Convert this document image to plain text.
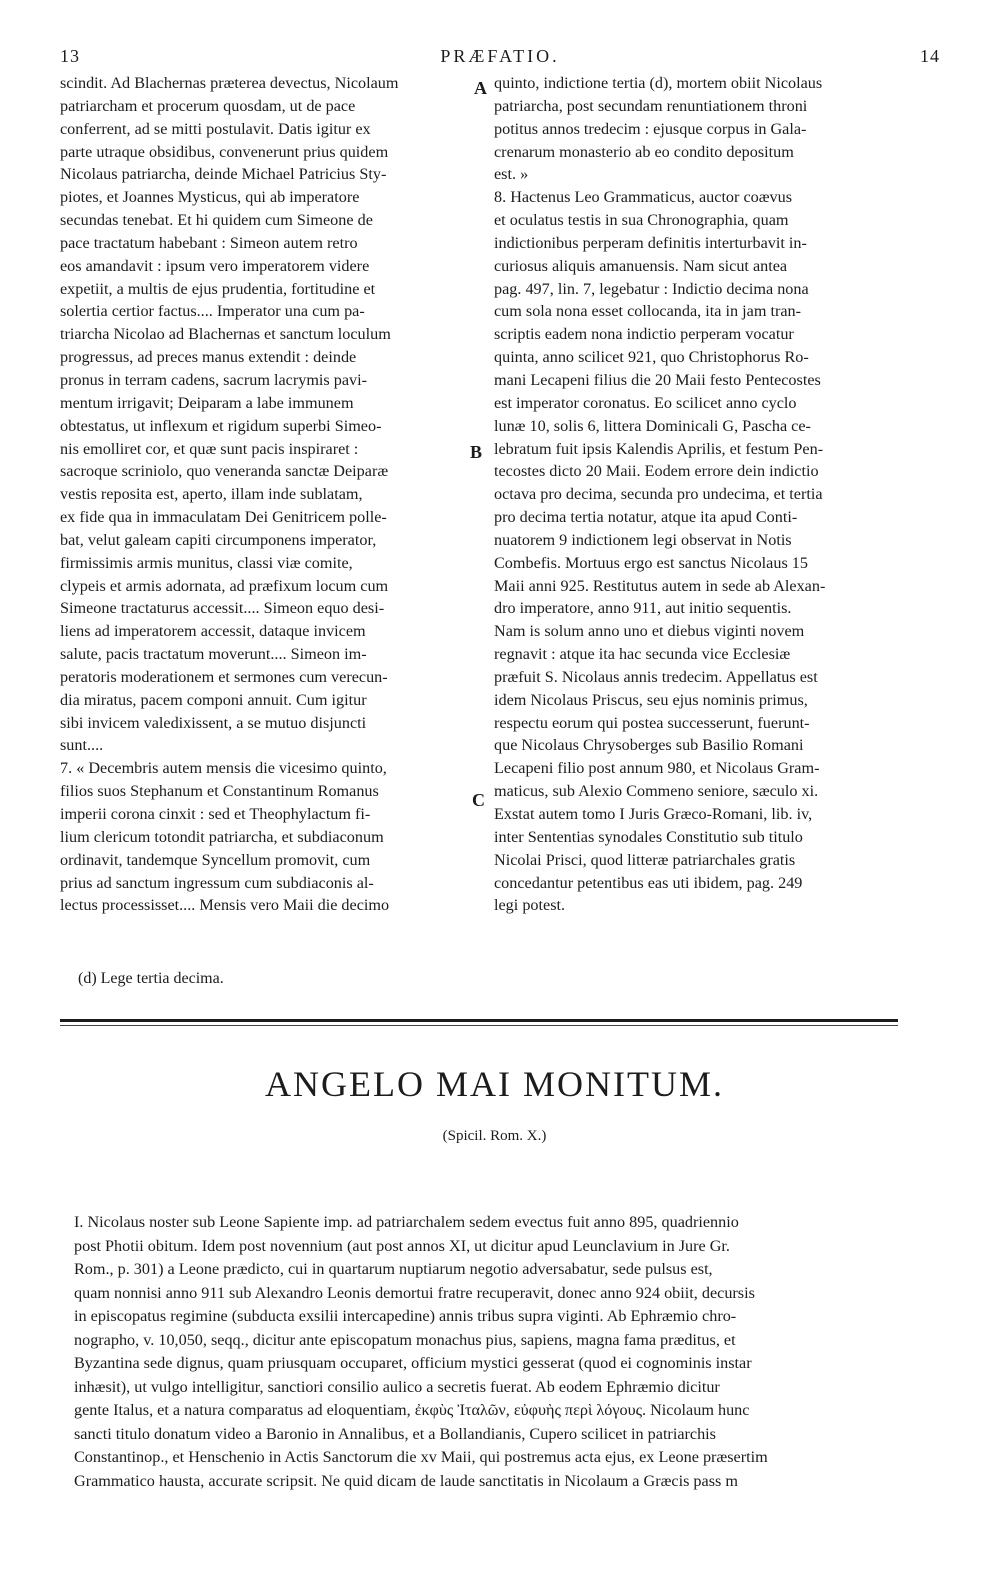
13	PRÆFATIO.	14
scindit. Ad Blachernas præterea devectus, Nicolaum
patriarcham et procerum quosdam, ut de pace
conferrent, ad se mitti postulavit. Datis igitur ex
parte utraque obsidibus, convenerunt prius quidem
Nicolaus patriarcha, deinde Michael Patricius Sty-
piotes, et Joannes Mysticus, qui ab imperatore
secundas tenebat. Et hi quidem cum Simeone de
pace tractatum habebant : Simeon autem retro
eos amandavit : ipsum vero imperatorem videre
expetiit, a multis de ejus prudentia, fortitudine et
solertia certior factus.... Imperator una cum pa-
triarcha Nicolao ad Blachernas et sanctum loculum
progressus, ad preces manus extendit : deinde
pronus in terram cadens, sacrum lacrymis pavi-
mentum irrigavit; Deiparam a labe immunem
obtestatus, ut inflexum et rigidum superbi Simeo-
nis emolliret cor, et quæ sunt pacis inspiraret :
sacroque scriniolo, quo veneranda sanctæ Deiparæ
vestis reposita est, aperto, illam inde sublatam,
ex fide qua in immaculatam Dei Genitricem polle-
bat, velut galeam capiti circumponens imperator,
firmissimis armis munitus, classi viæ comite,
clypeis et armis adornata, ad præfixum locum cum
Simeone tractaturus accessit.... Simeon equo desi-
liens ad imperatorem accessit, dataque invicem
salute, pacis tractatum moverunt.... Simeon im-
peratoris moderationem et sermones cum verecun-
dia miratus, pacem componi annuit. Cum igitur
sibi invicem valedixissent, a se mutuo disjuncti
sunt....
7. « Decembris autem mensis die vicesimo quinto,
filios suos Stephanum et Constantinum Romanus
imperii corona cinxit : sed et Theophylactum fi-
lium clericum totondit patriarcha, et subdiaconum
ordinavit, tandemque Syncellum promovit, cum
prius ad sanctum ingressum cum subdiaconis al-
lectus processisset.... Mensis vero Maii die decimo
quinto, indictione tertia (d), mortem obiit Nicolaus
patriarcha, post secundam renuntiationem throni
potitus annos tredecim : ejusque corpus in Gala-
crenarum monasterio ab eo condito depositum
est. »
8. Hactenus Leo Grammaticus, auctor coævus
et oculatus testis in sua Chronographia, quam
indictionibus perperam definitis interturbavit in-
curiosus aliquis amanuensis. Nam sicut antea
pag. 497, lin. 7, legebatur : Indictio decima nona
cum sola nona esset collocanda, ita in jam tran-
scriptis eadem nona indictio perperam vocatur
quinta, anno scilicet 921, quo Christophorus Ro-
mani Lecapeni filius die 20 Maii festo Pentecostes
est imperator coronatus. Eo scilicet anno cyclo
lunæ 10, solis 6, littera Dominicali G, Pascha ce-
lebratum fuit ipsis Kalendis Aprilis, et festum Pen-
tecostes dicto 20 Maii. Eodem errore dein indictio
octava pro decima, secunda pro undecima, et tertia
pro decima tertia notatur, atque ita apud Conti-
nuatorem 9 indictionem legi observat in Notis
Combefis. Mortuus ergo est sanctus Nicolaus 15
Maii anni 925. Restitutus autem in sede ab Alexan-
dro imperatore, anno 911, aut initio sequentis.
Nam is solum anno uno et diebus viginti novem
regnavit : atque ita hac secunda vice Ecclesiæ
præfuit S. Nicolaus annis tredecim. Appellatus est
idem Nicolaus Priscus, seu ejus nominis primus,
respectu eorum qui postea successerunt, fuerunt-
que Nicolaus Chrysoberges sub Basilio Romani
Lecapeni filio post annum 980, et Nicolaus Gram-
maticus, sub Alexio Commeno seniore, sæculo xi.
Exstat autem tomo I Juris Græco-Romani, lib. iv,
inter Sententias synodales Constitutio sub titulo
Nicolai Prisci, quod litteræ patriarchales gratis
concedantur petentibus eas uti ibidem, pag. 249
legi potest.
A
B
C
(d) Lege tertia decima.
ANGELO MAI MONITUM.
(Spicil. Rom. X.)
I. Nicolaus noster sub Leone Sapiente imp. ad patriarchalem sedem evectus fuit anno 895, quadriennio
post Photii obitum. Idem post novennium (aut post annos XI, ut dicitur apud Leunclavium in Jure Gr.
Rom., p. 301) a Leone prædicto, cui in quartarum nuptiarum negotio adversabatur, sede pulsus est,
quam nonnisi anno 911 sub Alexandro Leonis demortui fratre recuperavit, donec anno 924 obiit, decursis
in episcopatus regimine (subducta exsilii intercapedine) annis tribus supra viginti. Ab Ephræmio chro-
nographo, v. 10,050, seqq., dicitur ante episcopatum monachus pius, sapiens, magna fama præditus, et
Byzantina sede dignus, quam priusquam occuparet, officium mystici gesserat (quod ei cognominis instar
inhæsit), ut vulgo intelligitur, sanctiori consilio aulico a secretis fuerat. Ab eodem Ephræmio dicitur
gente Italus, et a natura comparatus ad eloquentiam, ἐκφὺς Ἰταλῶν, εὐφυὴς περὶ λόγους. Nicolaum hunc
sancti titulo donatum video a Baronio in Annalibus, et a Bollandianis, Cupero scilicet in patriarchis
Constantinop., et Henschenio in Actis Sanctorum die xv Maii, qui postremus acta ejus, ex Leone præsertim
Grammatico hausta, accurate scripsit. Ne quid dicam de laude sanctitatis in Nicolaum a Græcis pass m
